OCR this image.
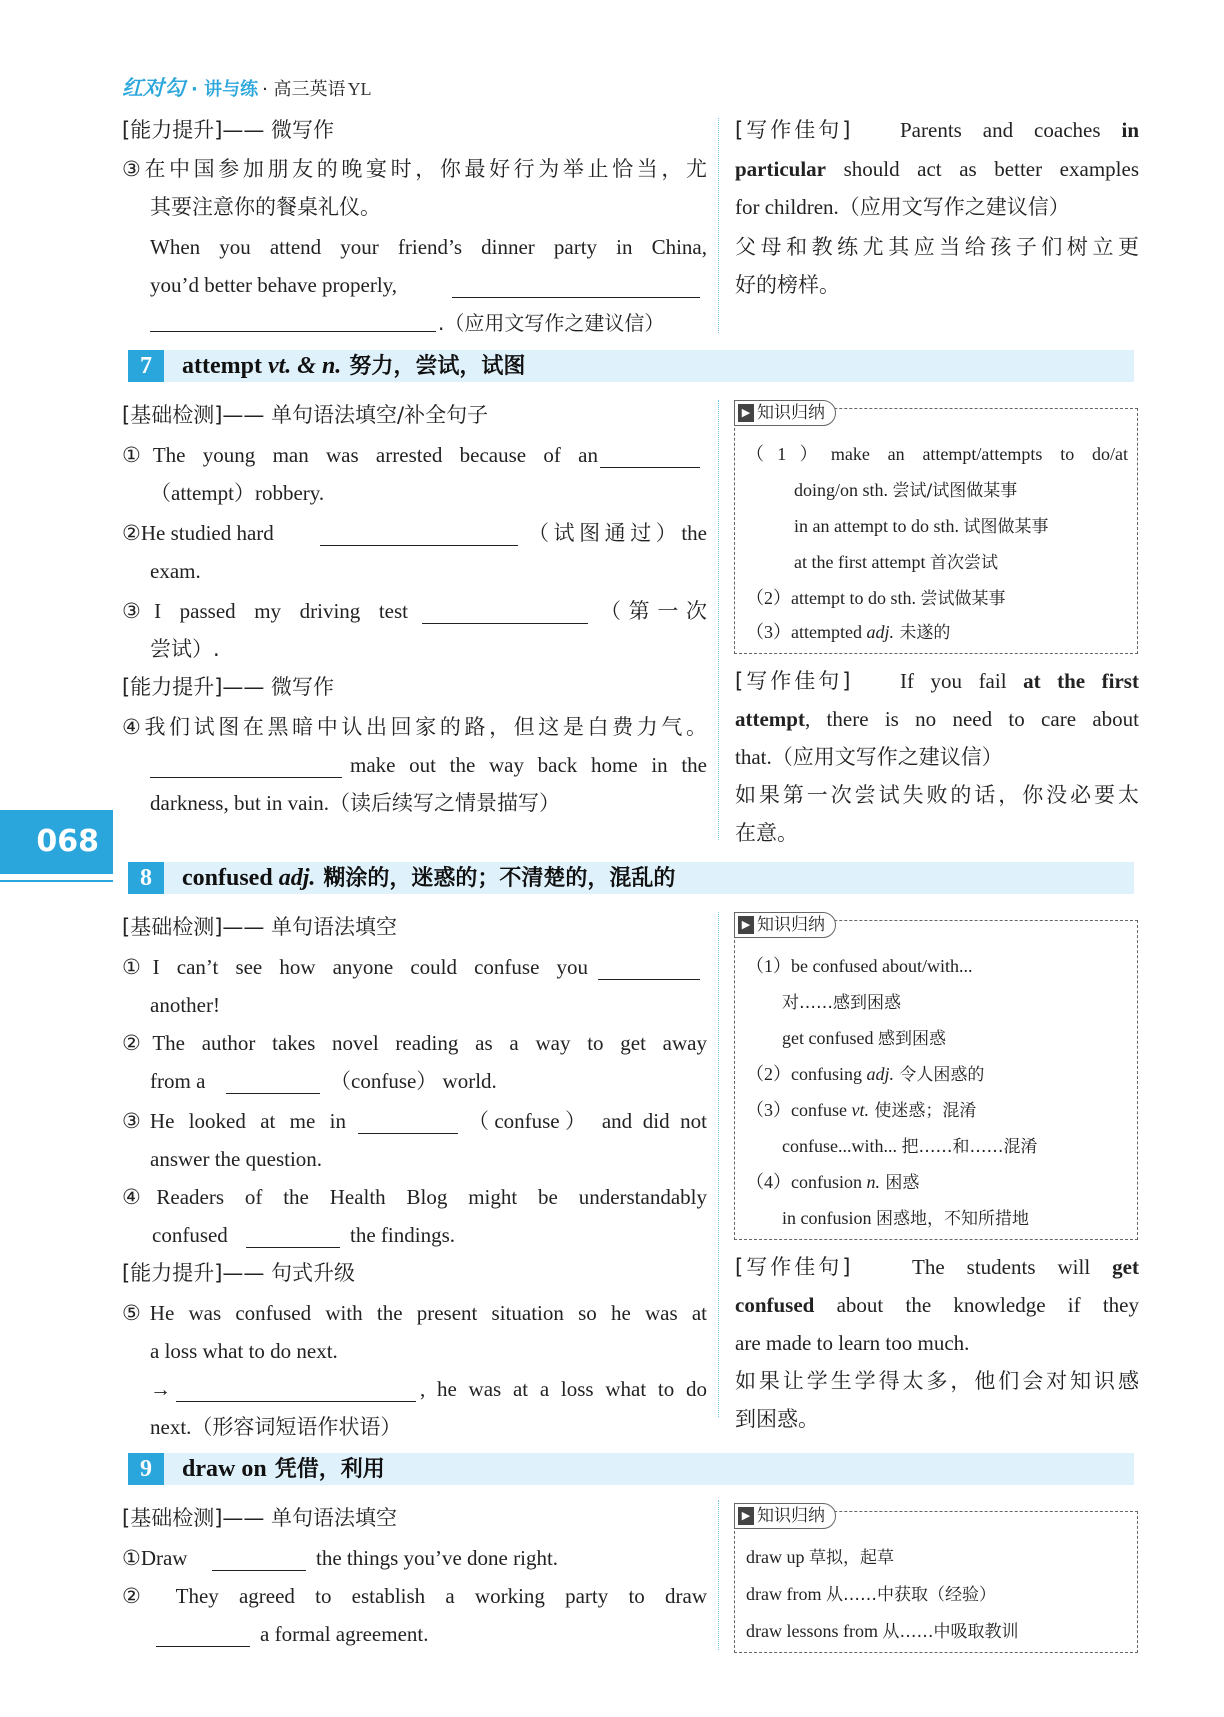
红对勾 · 讲与练 · 高三英语 YL
068
[能力提升]—— 微写作
③在中国参加朋友的晚宴时，你最好行为举止恰当，尤
其要注意你的餐桌礼仪。
When you attend your friend’s dinner party in China,
you’d better behave properly,
.（应用文写作之建议信）
[写作佳句] Parents and coaches in
particular should act as better examples
for children.（应用文写作之建议信）
父母和教练尤其应当给孩子们树立更
好的榜样。
7	attempt vt. & n. 努力，尝试，试图
[基础检测]—— 单句语法填空/补全句子
①The young man was arrested because of an
（attempt）robbery.
②He studied hard	（试图通过）the
exam.
③I passed my driving test	（第一次
尝试）.
[能力提升]—— 微写作
④我们试图在黑暗中认出回家的路，但这是白费力气。
make out the way back home in the
darkness, but in vain.（读后续写之情景描写）
▶ 知识归纳
（1）make an attempt/attempts to do/at
doing/on sth. 尝试/试图做某事
in an attempt to do sth. 试图做某事
at the first attempt 首次尝试
（2）attempt to do sth. 尝试做某事
（3）attempted adj. 未遂的
[写作佳句] If you fail at the first
attempt, there is no need to care about
that.（应用文写作之建议信）
如果第一次尝试失败的话，你没必要太
在意。
8	confused adj. 糊涂的，迷惑的；不清楚的，混乱的
[基础检测]—— 单句语法填空
①I can’t see how anyone could confuse you
another!
②The author takes novel reading as a way to get away
from a	（confuse） world.
③He looked at me in	（confuse） and did not
answer the question.
④Readers of the Health Blog might be understandably
confused	the findings.
[能力提升]—— 句式升级
⑤He was confused with the present situation so he was at
a loss what to do next.
→	, he was at a loss what to do
next.（形容词短语作状语）
▶ 知识归纳
（1）be confused about/with...
对……感到困惑
get confused 感到困惑
（2）confusing adj. 令人困惑的
（3）confuse vt. 使迷惑；混淆
confuse...with... 把……和……混淆
（4）confusion n. 困惑
in confusion 困惑地，不知所措地
[写作佳句]	The students will get
confused about the knowledge if they
are made to learn too much.
如果让学生学得太多，他们会对知识感
到困惑。
9	draw on 凭借，利用
[基础检测]—— 单句语法填空
①Draw	the things you’ve done right.
② They agreed to establish a working party to draw
a formal agreement.
▶ 知识归纳
draw up 草拟，起草
draw from 从……中获取（经验）
draw lessons from 从……中吸取教训
